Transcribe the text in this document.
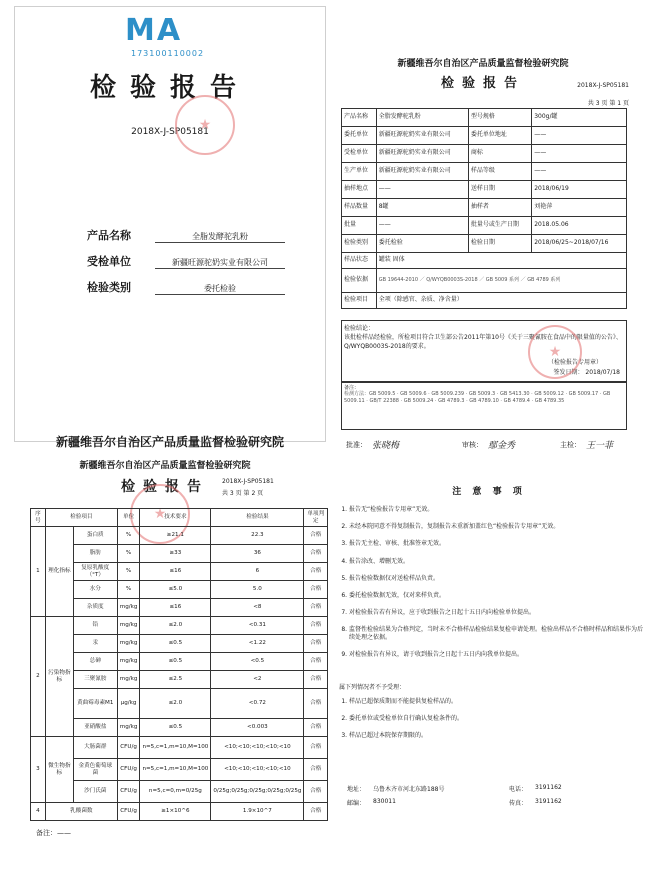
MA
173100110002
检验报告
2018X-J-SP05181
★
产品名称	全脂发酵驼乳粉
受检单位	新疆旺源驼奶实业有限公司
检验类别	委托检验
新疆维吾尔自治区产品质量监督检验研究院
新疆维吾尔自治区产品质量监督检验研究院
检验报告	2018X-J-SP05181
共 3 页 第 1 页
产品名称	全脂发酵驼乳粉	型号规格	300g/罐
委托单位	新疆旺源驼奶实业有限公司	委托单位地址	——
受检单位	新疆旺源驼奶实业有限公司	商标	——
生产单位	新疆旺源驼奶实业有限公司	样品等级	——
抽样地点	——	送样日期	2018/06/19
样品数量	8罐	抽样者	刘艳萍
批量	——	批量号或生产日期	2018.05.06
检验类别	委托检验	检验日期	2018/06/25~2018/07/16
样品状态	罐装 固体		
检验依据	GB 19644-2010 ／ Q/WYQB0003S-2018 ／ GB 5009 系列 ／ GB 4789 系列		
检验项目	全项（除感官、杂质、净含量）		
检验结论：
该批检样品经检验，所检项目符合卫生部公告2011年第10号《关于三聚氰胺在食品中的限量值的公告》、Q/WYQB0003S-2018的要求。
（检验报告专用章）
签发日期： 2018/07/18
★
备注：
检测方法：GB 5009.5 · GB 5009.6 · GB 5009.239 · GB 5009.3 · GB 5413.30 · GB 5009.12 · GB 5009.17 · GB 5009.11 · GB/T 22388 · GB 5009.24 · GB 4789.3 · GB 4789.10 · GB 4789.4 · GB 4789.35
批准： 张晓梅	审核： 鄢金秀	主检： 王一菲
新疆维吾尔自治区产品质量监督检验研究院
检验报告	2018X-J-SP05181
共 3 页 第 2 页
★
序号	检验项目		单位	技术要求	检验结果	单项判定
1	理化指标	蛋白质	%	≥21.1	22.3	合格
		脂肪	%	≥33	36	合格
		复原乳酸度（°T）	%	≤16	6	合格
		水分	%	≤5.0	5.0	合格
		杂质度	mg/kg	≤16	<8	合格
2	污染物指标	铅	mg/kg	≤2.0	<0.31	合格
		汞	mg/kg	≤0.5	<1.22	合格
		总砷	mg/kg	≤0.5	<0.5	合格
		三聚氰胺	mg/kg	≤2.5	<2	合格
		黄曲霉毒素M1	μg/kg	≤2.0	<0.72	合格
		亚硝酸盐	mg/kg	≤0.5	<0.003	合格
3	微生物指标	大肠菌群	CFU/g	n=5,c=1,m=10,M=100	<10;<10;<10;<10;<10	合格
		金黄色葡萄球菌	CFU/g	n=5,c=1,m=10,M=100	<10;<10;<10;<10;<10	合格
		沙门氏菌	CFU/g	n=5,c=0,m=0/25g	0/25g;0/25g;0/25g;0/25g;0/25g	合格
4	乳酸菌数		CFU/g	≥1×10^6	1.9×10^7	合格
备注：——
注 意 事 项
1. 报告无“检验报告专用章”无效。
2. 未经本院同意不得复制报告，复制报告未重新加盖红色“检验报告专用章”无效。
3. 报告无主检、审核、批准签章无效。
4. 报告涂改、增删无效。
5. 报告检验数据仅对送检样品负责。
6. 委托检验数据无效，仅对来样负责。
7. 对检验报告若有异议，应于收到报告之日起十五日内向检验单位提出。
8. 监督性检验结果为合格判定，当时未不合格样品检验结果复检申请处理。检验出样品不合格时样品和结果作为后续处理之依据。
9. 对检验报告有异议，请于收到报告之日起十五日内向我单位提出。
属下列情况者不予受理：
1. 样品已超保质期而不能提供复检样品的。
2. 委托单位或受检单位自行确认复检条件的。
3. 样品已超过本院保存期限的。
地址： 乌鲁木齐市河北东路188号
邮编： 830011
电话： 3191162
传真： 3191162
